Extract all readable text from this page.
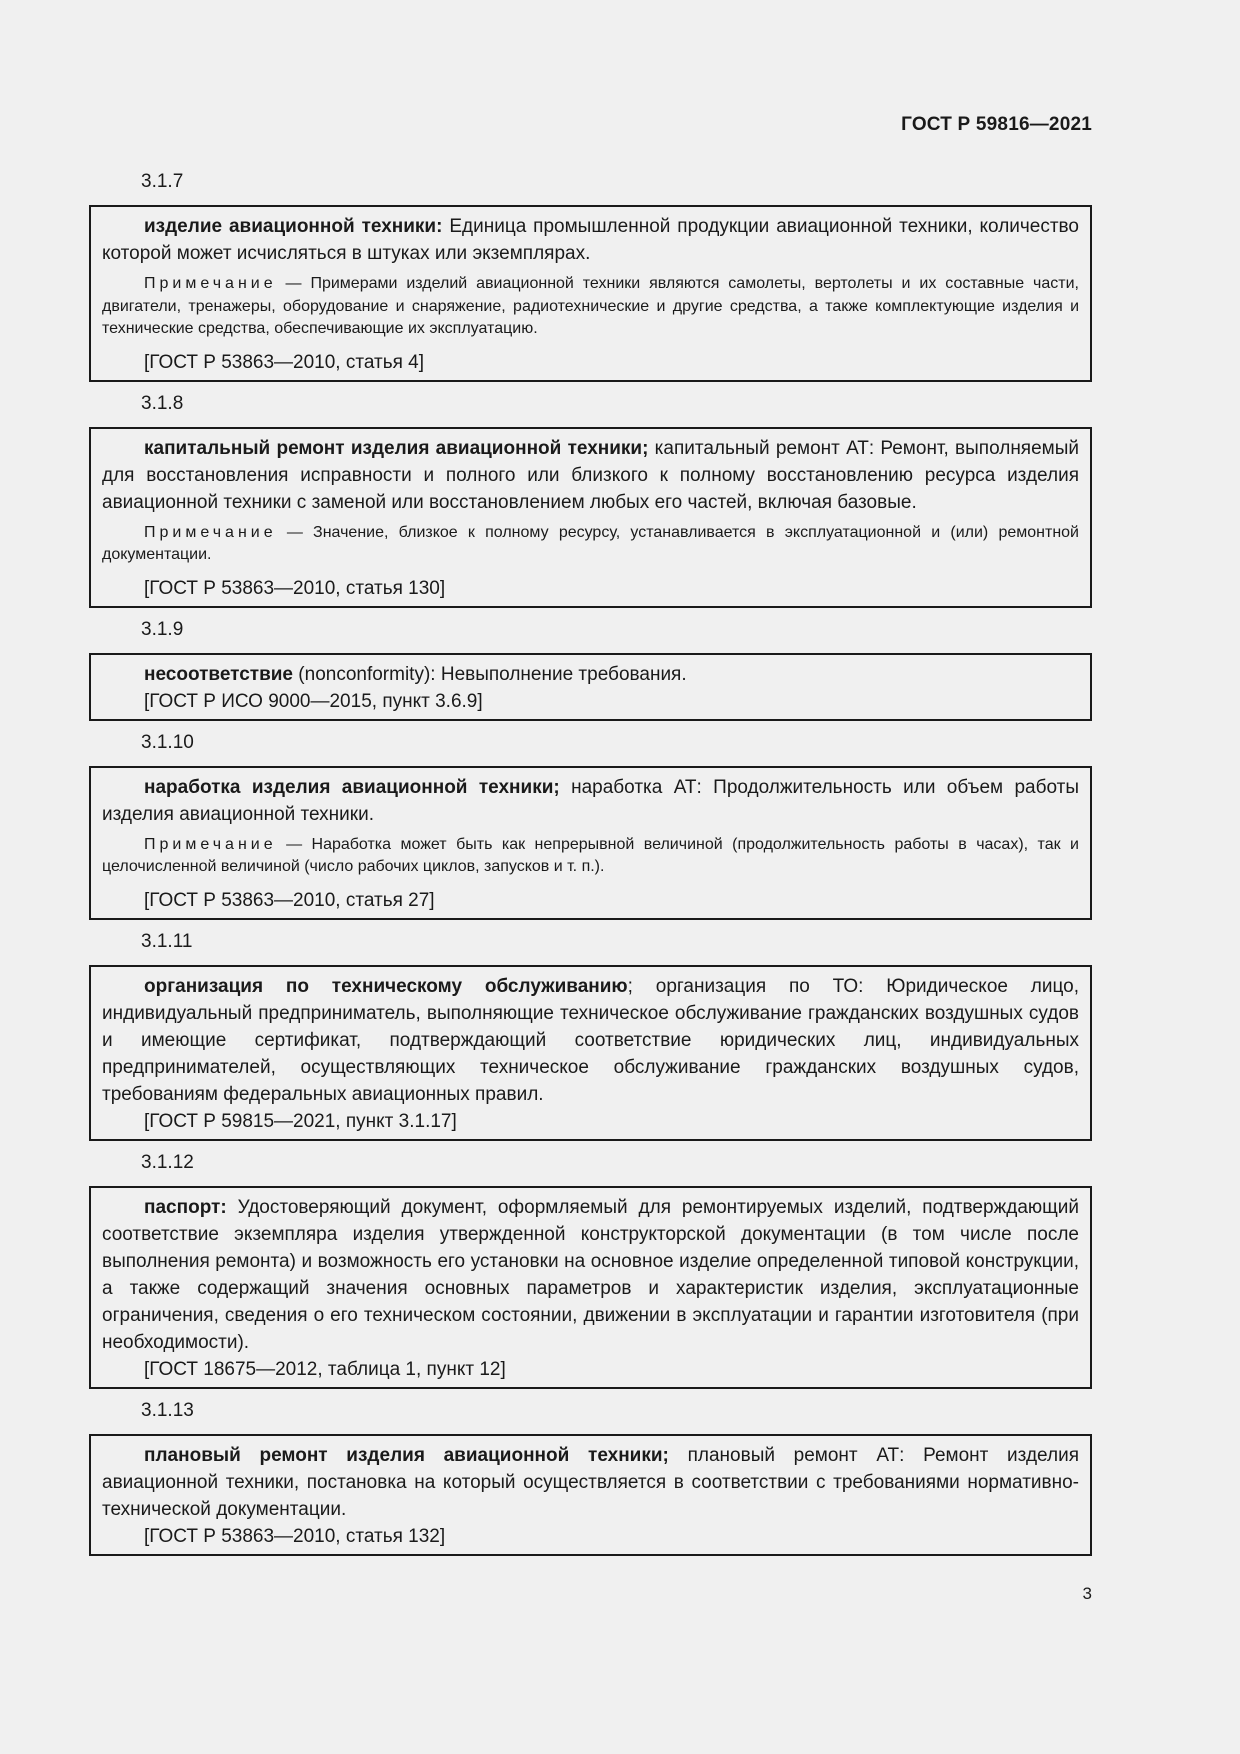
ГОСТ Р 59816—2021
3.1.7

изделие авиационной техники: Единица промышленной продукции авиационной техники, количество которой может исчисляться в штуках или экземплярах.

Примечание — Примерами изделий авиационной техники являются самолеты, вертолеты и их составные части, двигатели, тренажеры, оборудование и снаряжение, радиотехнические и другие средства, а также комплектующие изделия и технические средства, обеспечивающие их эксплуатацию.

[ГОСТ Р 53863—2010, статья 4]

3.1.8

капитальный ремонт изделия авиационной техники; капитальный ремонт АТ: Ремонт, выполняемый для восстановления исправности и полного или близкого к полному восстановлению ресурса изделия авиационной техники с заменой или восстановлением любых его частей, включая базовые.

Примечание — Значение, близкое к полному ресурсу, устанавливается в эксплуатационной и (или) ремонтной документации.

[ГОСТ Р 53863—2010, статья 130]

3.1.9

несоответствие (nonconformity): Невыполнение требования.

[ГОСТ Р ИСО 9000—2015, пункт 3.6.9]

3.1.10

наработка изделия авиационной техники; наработка АТ: Продолжительность или объем работы изделия авиационной техники.

Примечание — Наработка может быть как непрерывной величиной (продолжительность работы в часах), так и целочисленной величиной (число рабочих циклов, запусков и т. п.).

[ГОСТ Р 53863—2010, статья 27]

3.1.11

организация по техническому обслуживанию; организация по ТО: Юридическое лицо, индивидуальный предприниматель, выполняющие техническое обслуживание гражданских воздушных судов и имеющие сертификат, подтверждающий соответствие юридических лиц, индивидуальных предпринимателей, осуществляющих техническое обслуживание гражданских воздушных судов, требованиям федеральных авиационных правил.

[ГОСТ Р 59815—2021, пункт 3.1.17]

3.1.12

паспорт: Удостоверяющий документ, оформляемый для ремонтируемых изделий, подтверждающий соответствие экземпляра изделия утвержденной конструкторской документации (в том числе после выполнения ремонта) и возможность его установки на основное изделие определенной типовой конструкции, а также содержащий значения основных параметров и характеристик изделия, эксплуатационные ограничения, сведения о его техническом состоянии, движении в эксплуатации и гарантии изготовителя (при необходимости).

[ГОСТ 18675—2012, таблица 1, пункт 12]

3.1.13

плановый ремонт изделия авиационной техники; плановый ремонт АТ: Ремонт изделия авиационной техники, постановка на который осуществляется в соответствии с требованиями нормативно-технической документации.

[ГОСТ Р 53863—2010, статья 132]

3
